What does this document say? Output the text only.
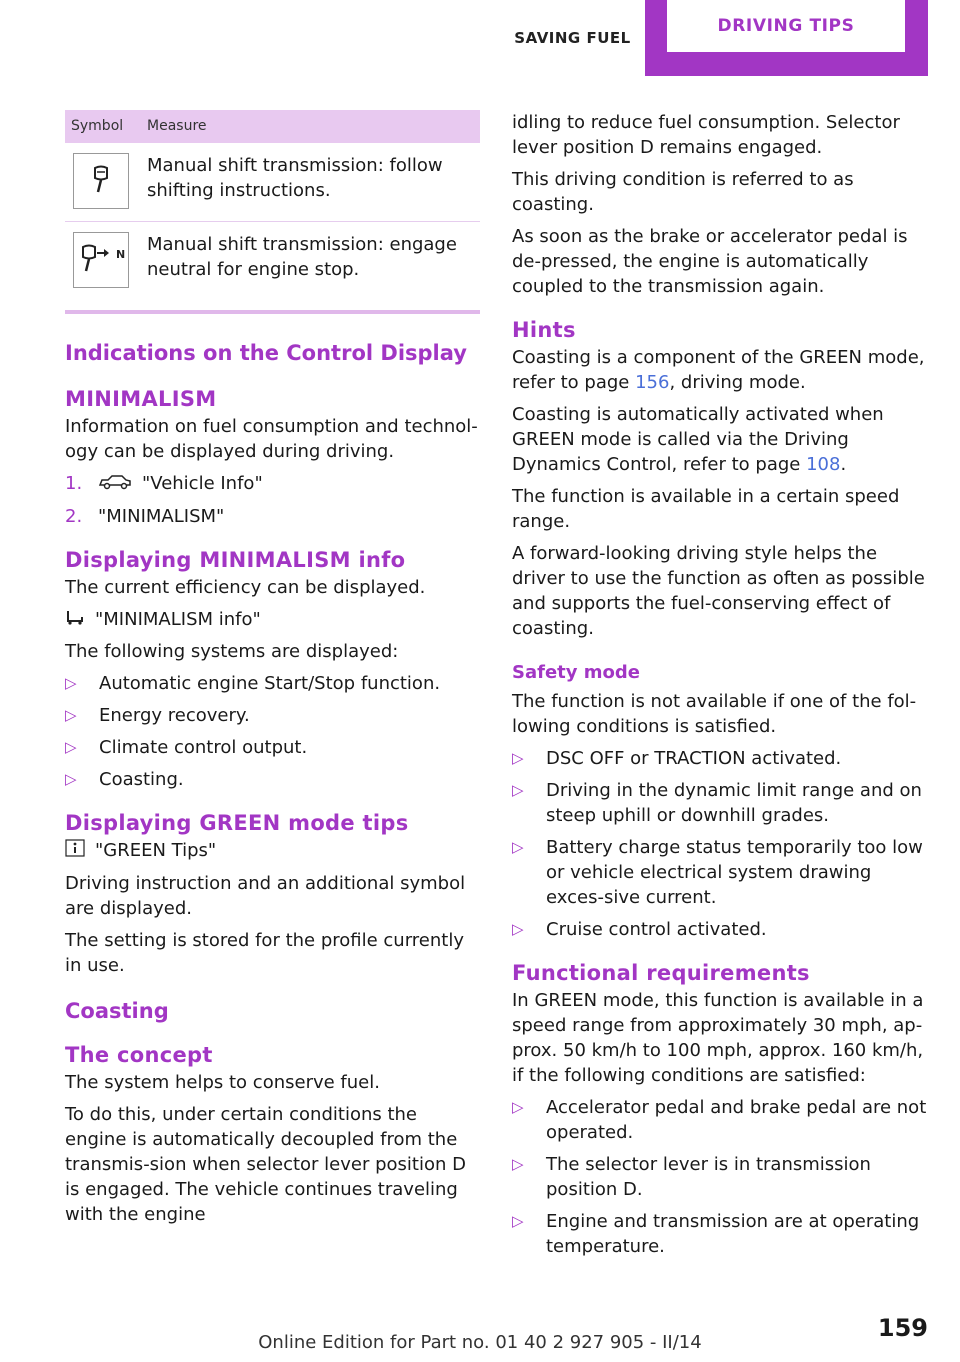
SAVING FUEL
DRIVING TIPS
Symbol	Measure

	Manual shift transmission: follow shifting instructions.

N	Manual shift transmission: engage neutral for engine stop.
Indications on the Control Display
MINIMALISM

Information on fuel consumption and technol‐ogy can be displayed during driving.

1.	"Vehicle Info"
2. "MINIMALISM"
Displaying MINIMALISM info

The current efficiency can be displayed.

"MINIMALISM info"

The following systems are displayed:

▷	Automatic engine Start/Stop function.
▷	Energy recovery.
▷	Climate control output.
▷	Coasting.
Displaying GREEN mode tips

"GREEN Tips"

Driving instruction and an additional symbol are displayed.

The setting is stored for the profile currently in use.

Coasting
The concept

The system helps to conserve fuel.

To do this, under certain conditions the engine is automatically decoupled from the transmis‐sion when selector lever position D is engaged. The vehicle continues traveling with the engine

idling to reduce fuel consumption. Selector lever position D remains engaged.

This driving condition is referred to as coasting.

As soon as the brake or accelerator pedal is de‐pressed, the engine is automatically coupled to the transmission again.

Hints

Coasting is a component of the GREEN mode, refer to page 156, driving mode.

Coasting is automatically activated when GREEN mode is called via the Driving Dynamics Control, refer to page 108.

The function is available in a certain speed range.

A forward-looking driving style helps the driver to use the function as often as possible and supports the fuel-conserving effect of coasting.

Safety mode

The function is not available if one of the fol‐lowing conditions is satisfied.

▷	DSC OFF or TRACTION activated.
▷	Driving in the dynamic limit range and on steep uphill or downhill grades.
▷	Battery charge status temporarily too low or vehicle electrical system drawing exces‐sive current.
▷	Cruise control activated.
Functional requirements

In GREEN mode, this function is available in a speed range from approximately 30 mph, ap‐prox. 50 km/h to 100 mph, approx. 160 km/h, if the following conditions are satisfied:

▷	Accelerator pedal and brake pedal are not operated.
▷	The selector lever is in transmission position D.
▷	Engine and transmission are at operating temperature.
159
Online Edition for Part no. 01 40 2 927 905 - II/14
